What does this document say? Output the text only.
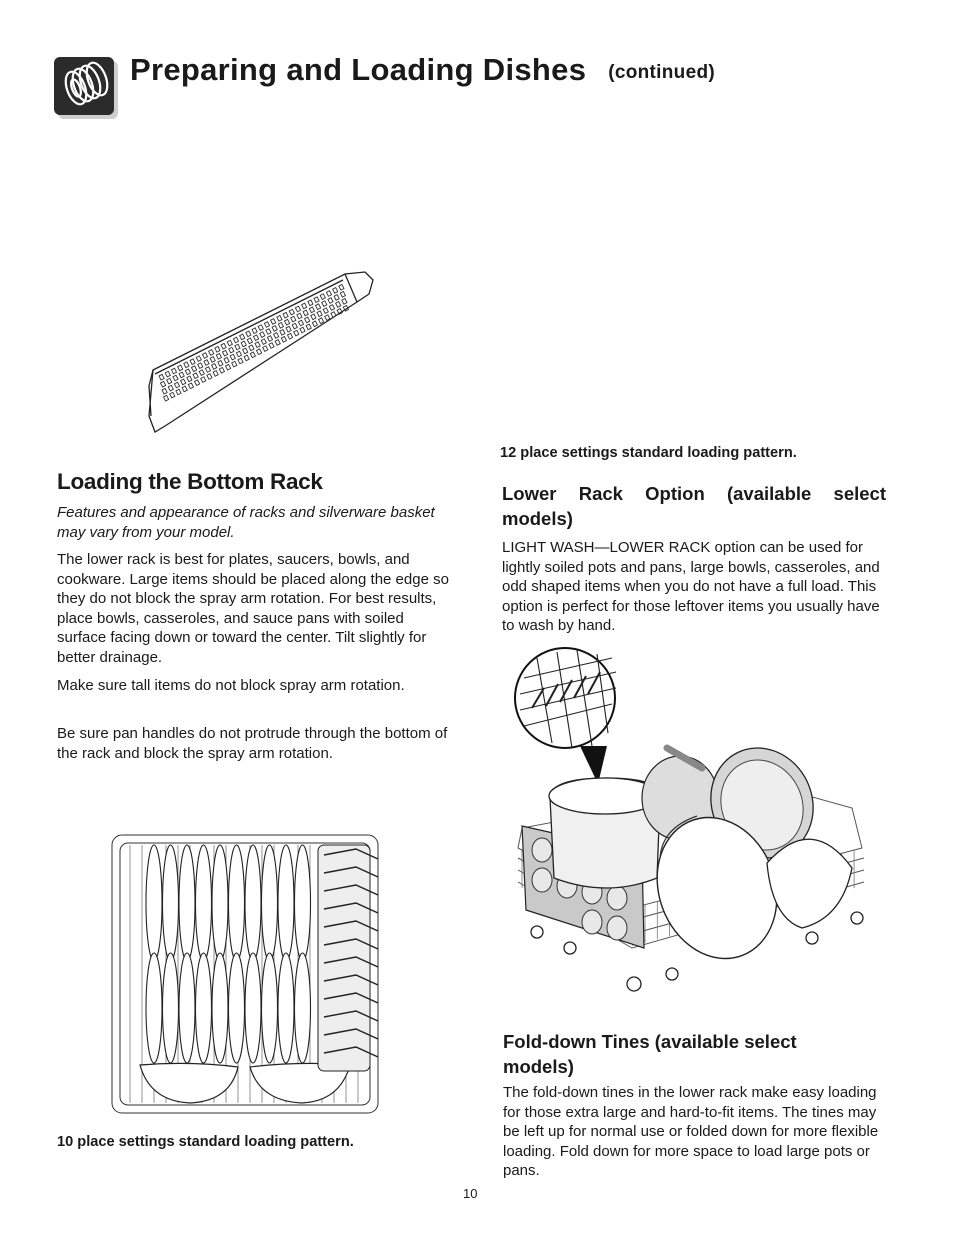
Preparing and Loading Dishes (continued)
Loading the Bottom Rack
Features and appearance of racks and silverware basket may vary from your model.
The lower rack is best for plates, saucers, bowls, and cookware. Large items should be placed along the edge so they do not block the spray arm rotation. For best results, place bowls, casseroles, and sauce pans with soiled surface facing down or toward the center. Tilt slightly for better drainage.
Make sure tall items do not block spray arm rotation.
Be sure pan handles do not protrude through the bottom of the rack and block the spray arm rotation.
10 place settings standard loading pattern.
12 place settings standard loading pattern.
Lower Rack Option (available select models)
LIGHT WASH—LOWER RACK option can be used for lightly soiled pots and pans, large bowls, casseroles, and odd shaped items when you do not have a full load. This option is perfect for those leftover items you usually have to wash by hand.
Fold-down Tines (available select models)
The fold-down tines in the lower rack make easy loading for those extra large and hard-to-fit items. The tines may be left up for normal use or folded down for more flexible loading. Fold down for more space to load large pots or pans.
10
